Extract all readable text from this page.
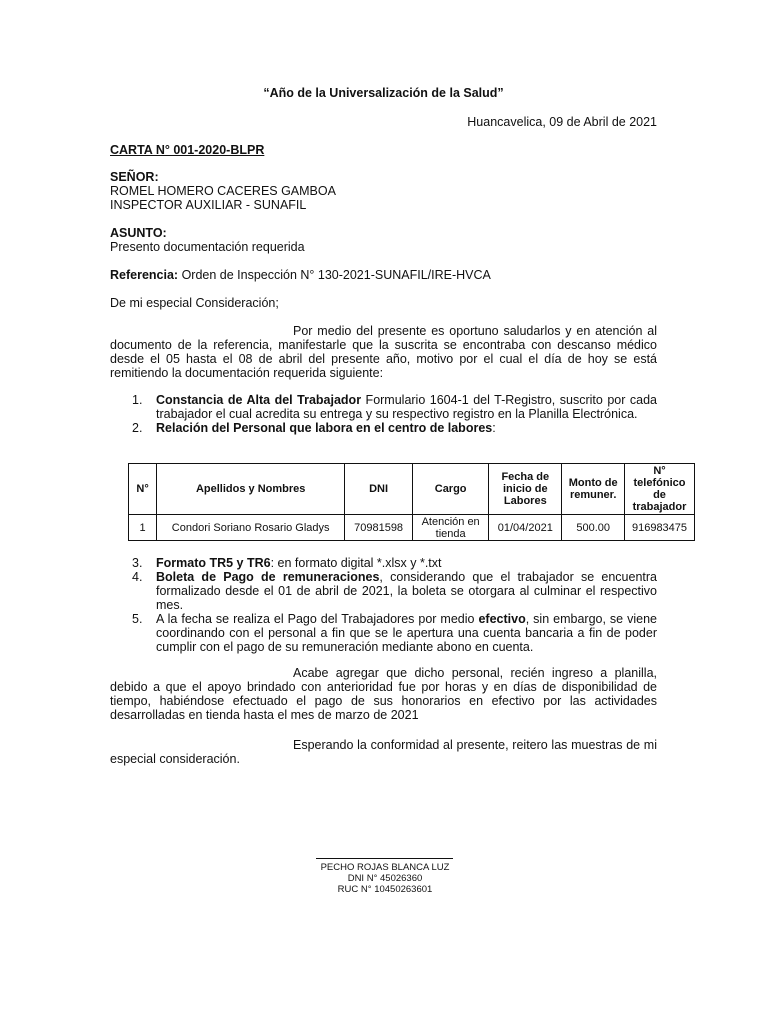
“Año de la Universalización de la Salud”
Huancavelica, 09 de Abril de 2021
CARTA N° 001-2020-BLPR
SEÑOR:
ROMEL HOMERO CACERES GAMBOA
INSPECTOR AUXILIAR - SUNAFIL
ASUNTO:
Presento documentación requerida
Referencia: Orden de Inspección N° 130-2021-SUNAFIL/IRE-HVCA
De mi especial Consideración;
Por medio del presente es oportuno saludarlos y en atención al documento de la referencia, manifestarle que la suscrita se encontraba con descanso médico desde el 05 hasta el 08 de abril del presente año, motivo por el cual el día de hoy se está remitiendo la documentación requerida siguiente:
1. Constancia de Alta del Trabajador Formulario 1604-1 del T-Registro, suscrito por cada trabajador el cual acredita su entrega y su respectivo registro en la Planilla Electrónica.
2. Relación del Personal que labora en el centro de labores:
N°	Apellidos y Nombres	DNI	Cargo	Fecha de inicio de Labores	Monto de remuner.	N° telefónico de trabajador
1	Condori Soriano Rosario Gladys	70981598	Atención en tienda	01/04/2021	500.00	916983475
3. Formato TR5 y TR6: en formato digital *.xlsx y *.txt
4. Boleta de Pago de remuneraciones, considerando que el trabajador se encuentra formalizado desde el 01 de abril de 2021, la boleta se otorgara al culminar el respectivo mes.
5. A la fecha se realiza el Pago del Trabajadores por medio efectivo, sin embargo, se viene coordinando con el personal a fin que se le apertura una cuenta bancaria a fin de poder cumplir con el pago de su remuneración mediante abono en cuenta.
Acabe agregar que dicho personal, recién ingreso a planilla, debido a que el apoyo brindado con anterioridad fue por horas y en días de disponibilidad de tiempo, habiéndose efectuado el pago de sus honorarios en efectivo por las actividades desarrolladas en tienda hasta el mes de marzo de 2021
Esperando la conformidad al presente, reitero las muestras de mi especial consideración.
PECHO ROJAS BLANCA LUZ
DNI N° 45026360
RUC N° 10450263601
